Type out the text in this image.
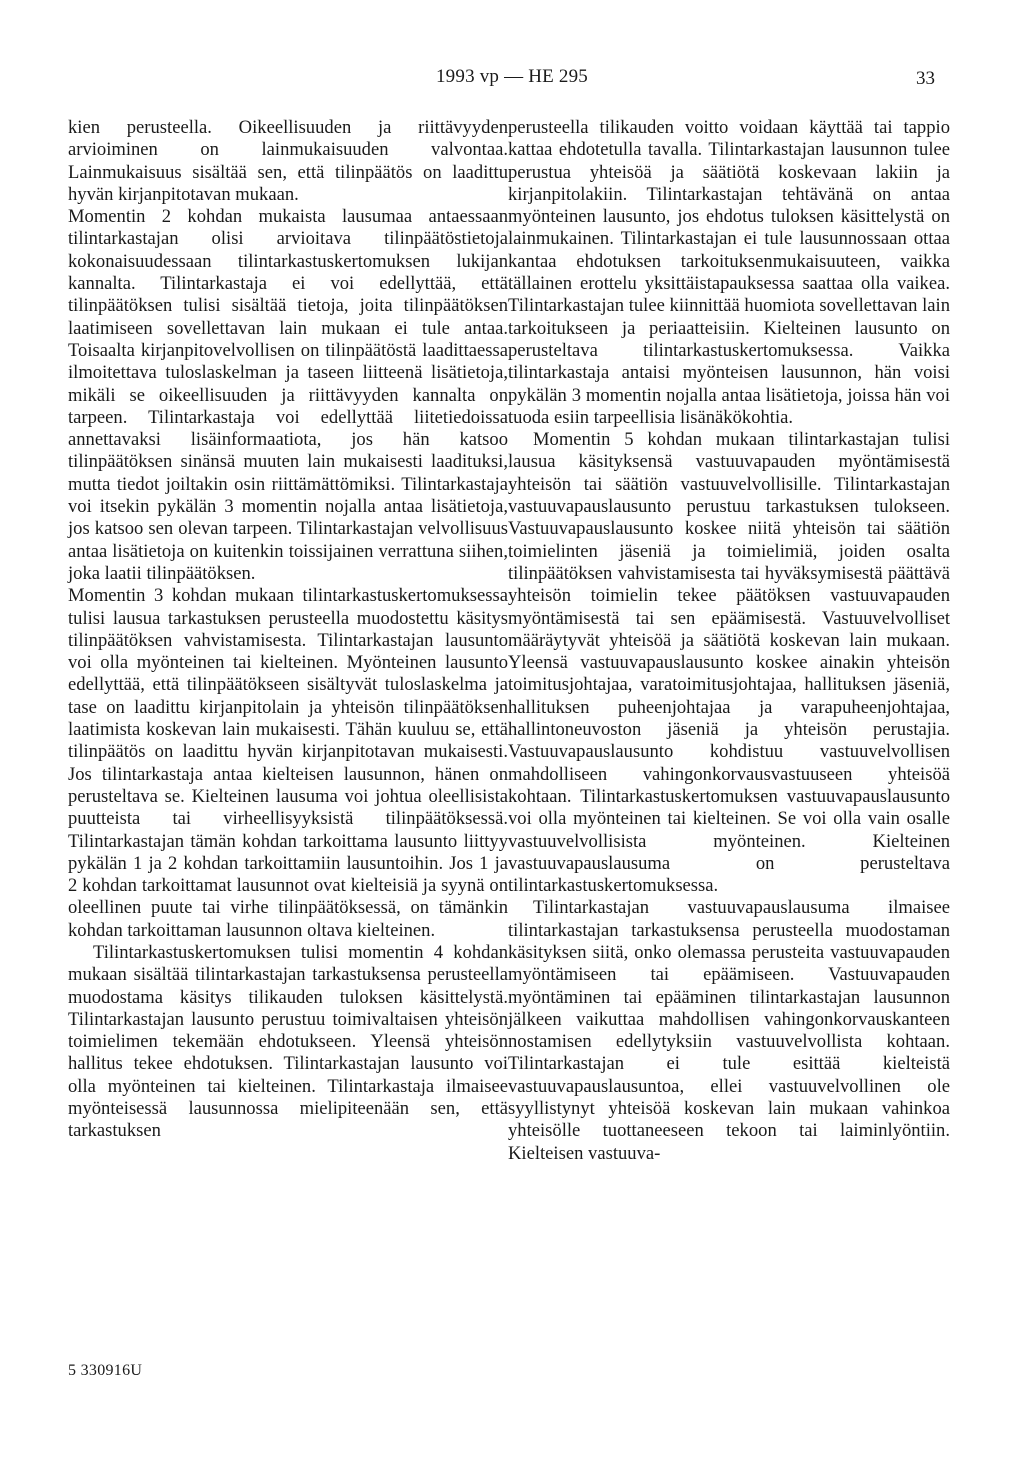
1993 vp — HE 295	33

kien perusteella. Oikeellisuuden ja riittävyyden arvioiminen on lainmukaisuuden valvontaa. Lainmukaisuus sisältää sen, että tilinpäätös on laadittu hyvän kirjanpitotavan mukaan.

Momentin 2 kohdan mukaista lausumaa antaessaan tilintarkastajan olisi arvioitava tilinpäätöstietoja kokonaisuudessaan tilintarkastuskertomuksen lukijan kannalta. Tilintarkastaja ei voi edellyttää, että tilinpäätöksen tulisi sisältää tietoja, joita tilinpäätöksen laatimiseen sovellettavan lain mukaan ei tule antaa. Toisaalta kirjanpitovelvollisen on tilinpäätöstä laadittaessa ilmoitettava tuloslaskelman ja taseen liitteenä lisätietoja, mikäli se oikeellisuuden ja riittävyyden kannalta on tarpeen. Tilintarkastaja voi edellyttää liitetiedoissa annettavaksi lisäinformaatiota, jos hän katsoo tilinpäätöksen sinänsä muuten lain mukaisesti laadituksi, mutta tiedot joiltakin osin riittämättömiksi. Tilintarkastaja voi itsekin pykälän 3 momentin nojalla antaa lisätietoja, jos katsoo sen olevan tarpeen. Tilintarkastajan velvollisuus antaa lisätietoja on kuitenkin toissijainen verrattuna siihen, joka laatii tilinpäätöksen.

Momentin 3 kohdan mukaan tilintarkastuskertomuksessa tulisi lausua tarkastuksen perusteella muodostettu käsitys tilinpäätöksen vahvistamisesta. Tilintarkastajan lausunto voi olla myönteinen tai kielteinen. Myönteinen lausunto edellyttää, että tilinpäätökseen sisältyvät tuloslaskelma ja tase on laadittu kirjanpitolain ja yhteisön tilinpäätöksen laatimista koskevan lain mukaisesti. Tähän kuuluu se, että tilinpäätös on laadittu hyvän kirjanpitotavan mukaisesti. Jos tilintarkastaja antaa kielteisen lausunnon, hänen on perusteltava se. Kielteinen lausuma voi johtua oleellisista puutteista tai virheellisyyksistä tilinpäätöksessä. Tilintarkastajan tämän kohdan tarkoittama lausunto liittyy pykälän 1 ja 2 kohdan tarkoittamiin lausuntoihin. Jos 1 ja 2 kohdan tarkoittamat lausunnot ovat kielteisiä ja syynä on oleellinen puute tai virhe tilinpäätöksessä, on tämänkin kohdan tarkoittaman lausunnon oltava kielteinen.

Tilintarkastuskertomuksen tulisi momentin 4 kohdan mukaan sisältää tilintarkastajan tarkastuksensa perusteella muodostama käsitys tilikauden tuloksen käsittelystä. Tilintarkastajan lausunto perustuu toimivaltaisen yhteisön toimielimen tekemään ehdotukseen. Yleensä yhteisön hallitus tekee ehdotuksen. Tilintarkastajan lausunto voi olla myönteinen tai kielteinen. Tilintarkastaja ilmaisee myönteisessä lausunnossa mielipiteenään sen, että tarkastuksen

perusteella tilikauden voitto voidaan käyttää tai tappio kattaa ehdotetulla tavalla. Tilintarkastajan lausunnon tulee perustua yhteisöä ja säätiötä koskevaan lakiin ja kirjanpitolakiin. Tilintarkastajan tehtävänä on antaa myönteinen lausunto, jos ehdotus tuloksen käsittelystä on lainmukainen. Tilintarkastajan ei tule lausunnossaan ottaa kantaa ehdotuksen tarkoituksenmukaisuuteen, vaikka tällainen erottelu yksittäistapauksessa saattaa olla vaikea. Tilintarkastajan tulee kiinnittää huomiota sovellettavan lain tarkoitukseen ja periaatteisiin. Kielteinen lausunto on perusteltava tilintarkastuskertomuksessa. Vaikka tilintarkastaja antaisi myönteisen lausunnon, hän voisi pykälän 3 momentin nojalla antaa lisätietoja, joissa hän voi tuoda esiin tarpeellisia lisänäkökohtia.

Momentin 5 kohdan mukaan tilintarkastajan tulisi lausua käsityksensä vastuuvapauden myöntämisestä yhteisön tai säätiön vastuuvelvollisille. Tilintarkastajan vastuuvapauslausunto perustuu tarkastuksen tulokseen. Vastuuvapauslausunto koskee niitä yhteisön tai säätiön toimielinten jäseniä ja toimielimiä, joiden osalta tilinpäätöksen vahvistamisesta tai hyväksymisestä päättävä yhteisön toimielin tekee päätöksen vastuuvapauden myöntämisestä tai sen epäämisestä. Vastuuvelvolliset määräytyvät yhteisöä ja säätiötä koskevan lain mukaan. Yleensä vastuuvapauslausunto koskee ainakin yhteisön toimitusjohtajaa, varatoimitusjohtajaa, hallituksen jäseniä, hallituksen puheenjohtajaa ja varapuheenjohtajaa, hallintoneuvoston jäseniä ja yhteisön perustajia. Vastuuvapauslausunto kohdistuu vastuuvelvollisen mahdolliseen vahingonkorvausvastuuseen yhteisöä kohtaan. Tilintarkastuskertomuksen vastuuvapauslausunto voi olla myönteinen tai kielteinen. Se voi olla vain osalle vastuuvelvollisista myönteinen. Kielteinen vastuuvapauslausuma on perusteltava tilintarkastuskertomuksessa.

Tilintarkastajan vastuuvapauslausuma ilmaisee tilintarkastajan tarkastuksensa perusteella muodostaman käsityksen siitä, onko olemassa perusteita vastuuvapauden myöntämiseen tai epäämiseen. Vastuuvapauden myöntäminen tai epääminen tilintarkastajan lausunnon jälkeen vaikuttaa mahdollisen vahingonkorvauskanteen nostamisen edellytyksiin vastuuvelvollista kohtaan. Tilintarkastajan ei tule esittää kielteistä vastuuvapauslausuntoa, ellei vastuuvelvollinen ole syyllistynyt yhteisöä koskevan lain mukaan vahinkoa yhteisölle tuottaneeseen tekoon tai laiminlyöntiin. Kielteisen vastuuva-

5 330916U
